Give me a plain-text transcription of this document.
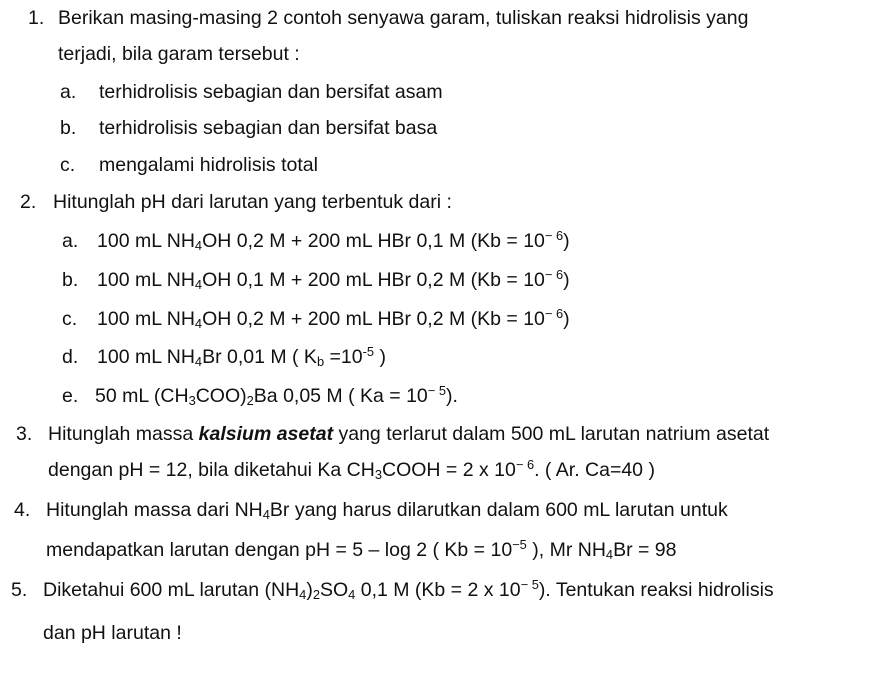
1. Berikan masing-masing 2 contoh senyawa garam, tuliskan reaksi hidrolisis yang
terjadi, bila garam tersebut :
a. terhidrolisis sebagian dan bersifat asam
b. terhidrolisis sebagian dan bersifat basa
c. mengalami hidrolisis total
2. Hitunglah pH dari larutan yang terbentuk dari :
a. 100 mL $NH_4OH$ 0,2 M + 200 mL HBr 0,1 M $(Kb = 10^{- 6})$
b. 100 mL $NH_4OH$ 0,1 M + 200 mL HBr 0,2 M $(Kb = 10^{- 6})$
c. 100 mL $NH_4OH$ 0,2 M + 200 mL HBr 0,2 M $(Kb = 10^{- 6})$
d. 100 mL $NH_4Br$ 0,01 M ( $K_b =10^{-5}$ )
e. 50 mL $(CH_3COO)_2Ba$ 0,05 M ( $Ka = 10^{- 5}$).
3. Hitunglah massa kalsium asetat yang terlarut dalam 500 mL larutan natrium asetat
dengan pH = 12, bila diketahui Ka $CH_3COOH = 2$ x $10^{- 6}$. ( Ar. Ca=40 )
4. Hitunglah massa dari $NH_4Br$ yang harus dilarutkan dalam 600 mL larutan untuk
mendapatkan larutan dengan pH = 5 – log 2 ( $Kb = 10^{-5}$ ), Mr $NH_4Br = 98$
5. Diketahui 600 mL larutan $(NH_4)_2SO_4$ 0,1 M (Kb = 2 x $10^{- 5}$). Tentukan reaksi hidrolisis
dan pH larutan !
